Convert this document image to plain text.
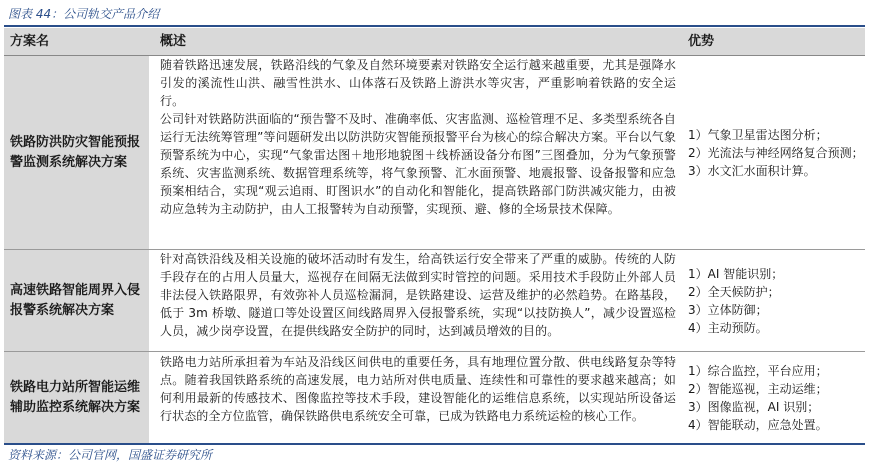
图表 44：公司轨交产品介绍
方案名	概述	优势
铁路防洪防灾智能预报警监测系统解决方案

随着铁路迅速发展，铁路沿线的气象及自然环境要素对铁路安全运行越来越重要，尤其是强降水引发的溪流性山洪、融雪性洪水、山体落石及铁路上游洪水等灾害，严重影响着铁路的安全运行。

公司针对铁路防洪面临的“预告警不及时、准确率低、灾害监测、巡检管理不足、多类型系统各自运行无法统筹管理”等问题研发出以防洪防灾智能预报警平台为核心的综合解决方案。平台以气象预警系统为中心，实现“气象雷达图＋地形地貌图＋线桥涵设备分布图”三图叠加，分为气象预警系统、灾害监测系统、数据管理系统等，将气象预警、汇水面预警、地震报警、设备报警和应急预案相结合，实现“观云追雨、盯图识水”的自动化和智能化，提高铁路部门防洪减灾能力，由被动应急转为主动防护，由人工报警转为自动预警，实现预、避、修的全场景技术保障。

1）气象卫星雷达图分析；
2）光流法与神经网络复合预测；
3）水文汇水面积计算。
高速铁路智能周界入侵报警系统解决方案

针对高铁沿线及相关设施的破坏活动时有发生，给高铁运行安全带来了严重的威胁。传统的人防手段存在的占用人员量大，巡视存在间隔无法做到实时管控的问题。采用技术手段防止外部人员非法侵入铁路限界，有效弥补人员巡检漏洞，是铁路建设、运营及维护的必然趋势。在路基段，低于 3m 桥墩、隧道口等处设置区间线路周界入侵报警系统，实现“以技防换人”，减少设置巡检人员，减少岗亭设置，在提供线路安全防护的同时，达到减员增效的目的。

1）AI 智能识别；
2）全天候防护；
3）立体防御；
4）主动预防。
铁路电力站所智能运维辅助监控系统解决方案

铁路电力站所承担着为车站及沿线区间供电的重要任务，具有地理位置分散、供电线路复杂等特点。随着我国铁路系统的高速发展，电力站所对供电质量、连续性和可靠性的要求越来越高；如何利用最新的传感技术、图像监控等技术手段，建设智能化的运维信息系统，以实现站所设备运行状态的全方位监管，确保铁路供电系统安全可靠，已成为铁路电力系统运检的核心工作。

1）综合监控，平台应用；
2）智能巡视，主动运维；
3）图像监视，AI 识别；
4）智能联动，应急处置。
资料来源：公司官网，国盛证券研究所
